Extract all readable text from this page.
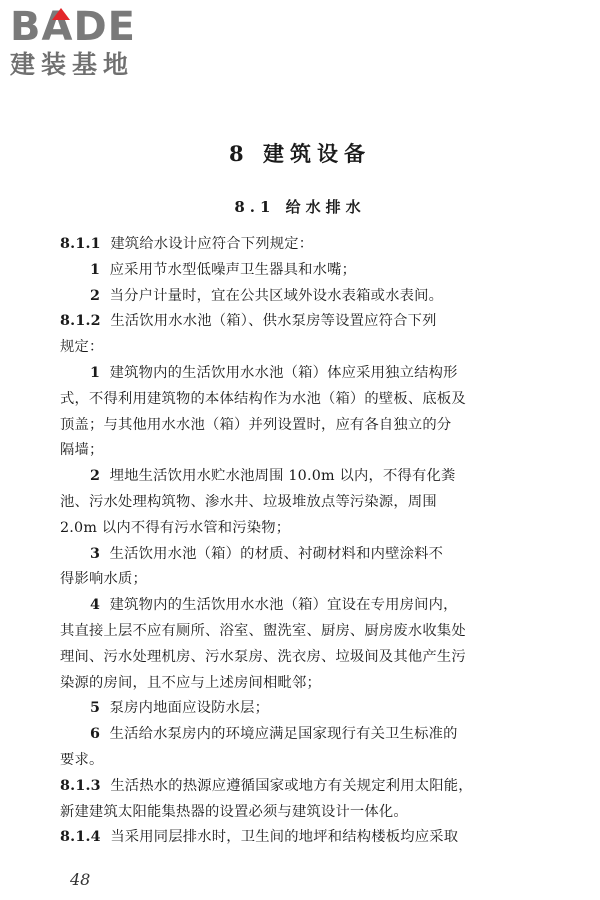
BADE
建装基地
8 建筑设备
8.1 给水排水
8.1.1 建筑给水设计应符合下列规定：
1 应采用节水型低噪声卫生器具和水嘴；
2 当分户计量时，宜在公共区域外设水表箱或水表间。
8.1.2 生活饮用水水池（箱）、供水泵房等设置应符合下列
规定：
1 建筑物内的生活饮用水水池（箱）体应采用独立结构形
式，不得利用建筑物的本体结构作为水池（箱）的壁板、底板及
顶盖；与其他用水水池（箱）并列设置时，应有各自独立的分
隔墙；
2 埋地生活饮用水贮水池周围 10.0m 以内，不得有化粪
池、污水处理构筑物、渗水井、垃圾堆放点等污染源，周围
2.0m 以内不得有污水管和污染物；
3 生活饮用水池（箱）的材质、衬砌材料和内壁涂料不
得影响水质；
4 建筑物内的生活饮用水水池（箱）宜设在专用房间内，
其直接上层不应有厕所、浴室、盥洗室、厨房、厨房废水收集处
理间、污水处理机房、污水泵房、洗衣房、垃圾间及其他产生污
染源的房间，且不应与上述房间相毗邻；
5 泵房内地面应设防水层；
6 生活给水泵房内的环境应满足国家现行有关卫生标准的
要求。
8.1.3 生活热水的热源应遵循国家或地方有关规定利用太阳能，
新建建筑太阳能集热器的设置必须与建筑设计一体化。
8.1.4 当采用同层排水时，卫生间的地坪和结构楼板均应采取
48
